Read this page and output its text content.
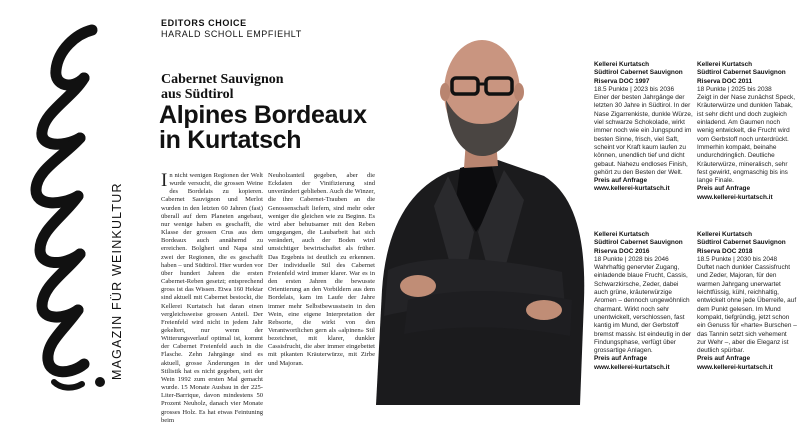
MAGAZIN FÜR WEINKULTUR
EDITORS CHOICE
HARALD SCHOLL EMPFIEHLT
Cabernet Sauvignon
aus Südtirol
Alpines Bordeaux
in Kurtatsch
In nicht wenigen Regionen der Welt wurde versucht, die grossen Weine des Bordelais zu kopieren. Cabernet Sauvignon und Merlot wurden in den letzten 60 Jahren (fast) überall auf dem Planeten angebaut, nur wenige haben es geschafft, die Klasse der grossen Crus aus dem Bordeaux auch annähernd zu erreichen. Bolgheri und Napa sind zwei der Regionen, die es geschafft haben – und Südtirol. Hier wurden vor über hundert Jahren die ersten Cabernet-Reben gesetzt; entsprechend gross ist das Wissen. Etwa 160 Hektar sind aktuell mit Cabernet bestockt, die Kellerei Kurtatsch hat daran einen vergleichsweise grossen Anteil. Der Freienfeld wird nicht in jedem Jahr gekeltert, nur wenn der Witterungsverlauf optimal ist, kommt der Cabernet Freienfeld auch in die Flasche. Zehn Jahrgänge sind es aktuell, grosse Änderungen in der Stilistik hat es nicht gegeben, seit der Wein 1992 zum ersten Mal gemacht wurde. 15 Monate Ausbau in der 225-Liter-Barrique, davon mindestens 50 Prozent Neuholz, danach vier Monate grosses Holz. Es hat etwas Feintuning beim
Neuholzanteil gegeben, aber die Eckdaten der Vinifizierung sind unverändert geblieben. Auch die Winzer, die ihre Cabernet-Trauben an die Genossenschaft liefern, sind mehr oder weniger die gleichen wie zu Beginn. Es wird aber behutsamer mit den Reben umgegangen, die Laubarbeit hat sich verändert, auch der Boden wird umsichtiger bewirtschaftet als früher. Das Ergebnis ist deutlich zu erkennen. Der individuelle Stil des Cabernet Freienfeld wird immer klarer. War es in den ersten Jahren die bewusste Orientierung an den Vorbildern aus dem Bordelais, kam im Laufe der Jahre immer mehr Selbstbewusstsein in den Wein, eine eigene Interpretation der Rebsorte, die wirkt von den Verantwortlichen gern als «alpinen» Stil bezeichnet, mit klarer, dunkler Cassisfrucht, die aber immer eingebettet mit pikanten Kräuterwürze, mit Zirbe und Majoran.
Kellerei Kurtatsch
Südtirol Cabernet Sauvignon
Riserva DOC 1997
18.5 Punkte | 2023 bis 2036
Einer der besten Jahrgänge der letzten 30 Jahre in Südtirol. In der Nase Zigarrenkiste, dunkle Würze, viel schwarze Schokolade, wirkt immer noch wie ein Jungspund im besten Sinne, frisch, viel Saft, scheint vor Kraft kaum laufen zu können, unendlich tief und dicht gebaut. Nahezu endloses Finish, gehört zu den Besten der Welt.
Preis auf Anfrage
www.kellerei-kurtatsch.it
Kellerei Kurtatsch
Südtirol Cabernet Sauvignon
Riserva DOC 2011
18 Punkte | 2025 bis 2038
Zeigt in der Nase zunächst Speck, Kräuterwürze und dunklen Tabak, ist sehr dicht und doch zugleich einladend. Am Gaumen noch wenig entwickelt, die Frucht wird vom Gerbstoff noch unterdrückt. Immerhin kompakt, beinahe undurchdringlich. Deutliche Kräuterwürze, mineralisch, sehr fest gewirkt, engmaschig bis ins lange Finale.
Preis auf Anfrage
www.kellerei-kurtatsch.it
Kellerei Kurtatsch
Südtirol Cabernet Sauvignon
Riserva DOC 2016
18 Punkte | 2028 bis 2046
Wahrhaftig genervter Zugang, einladende blaue Frucht, Cassis, Schwarzkirsche, Zeder, dabei auch grüne, kräuterwürzige Aromen – dennoch ungewöhnlich charmant. Wirkt noch sehr unentwickelt, verschlossen, fast kantig im Mund, der Gerbstoff bremst massiv. Ist eindeutig in der Findungsphase, verfügt über grossartige Anlagen.
Preis auf Anfrage
www.kellerei-kurtatsch.it
Kellerei Kurtatsch
Südtirol Cabernet Sauvignon
Riserva DOC 2018
18.5 Punkte | 2030 bis 2048
Duftet nach dunkler Cassisfrucht und Zeder, Majoran, für den warmen Jahrgang unerwartet leichtfüssig, kühl, reichhaltig, entwickelt ohne jede Überreife, auf dem Punkt gelesen. Im Mund kompakt, tiefgründig, jetzt schon ein Genuss für «harte» Burschen – das Tannin setzt sich vehement zur Wehr –, aber die Eleganz ist deutlich spürbar.
Preis auf Anfrage
www.kellerei-kurtatsch.it
